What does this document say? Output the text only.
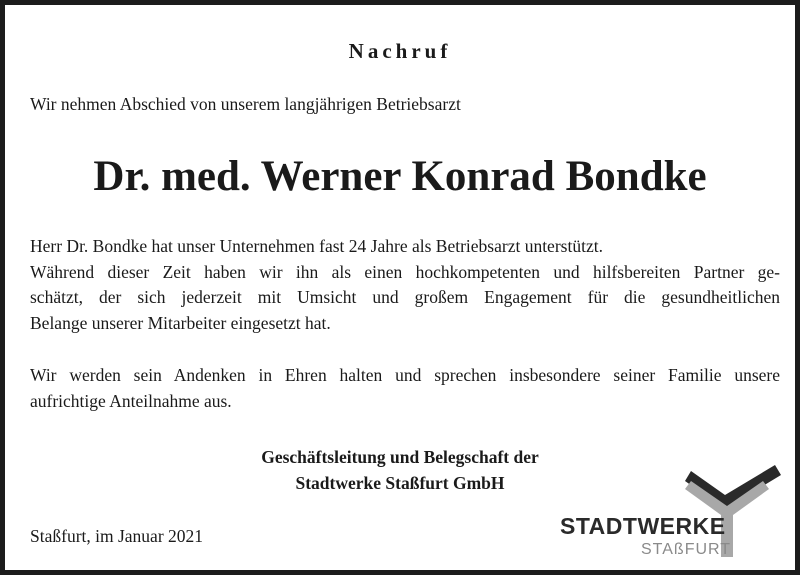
Nachruf
Wir nehmen Abschied von unserem langjährigen Betriebsarzt
Dr. med. Werner Konrad Bondke
Herr Dr. Bondke hat unser Unternehmen fast 24 Jahre als Betriebsarzt unterstützt.
Während dieser Zeit haben wir ihn als einen hochkompetenten und hilfsbereiten Partner ge-
schätzt, der sich jederzeit mit Umsicht und großem Engagement für die gesundheitlichen
Belange unserer Mitarbeiter eingesetzt hat.
Wir werden sein Andenken in Ehren halten und sprechen insbesondere seiner Familie unsere
aufrichtige Anteilnahme aus.
Geschäftsleitung und Belegschaft der
Stadtwerke Staßfurt GmbH
Staßfurt, im Januar 2021	STADTWERKE
STAßFURT
